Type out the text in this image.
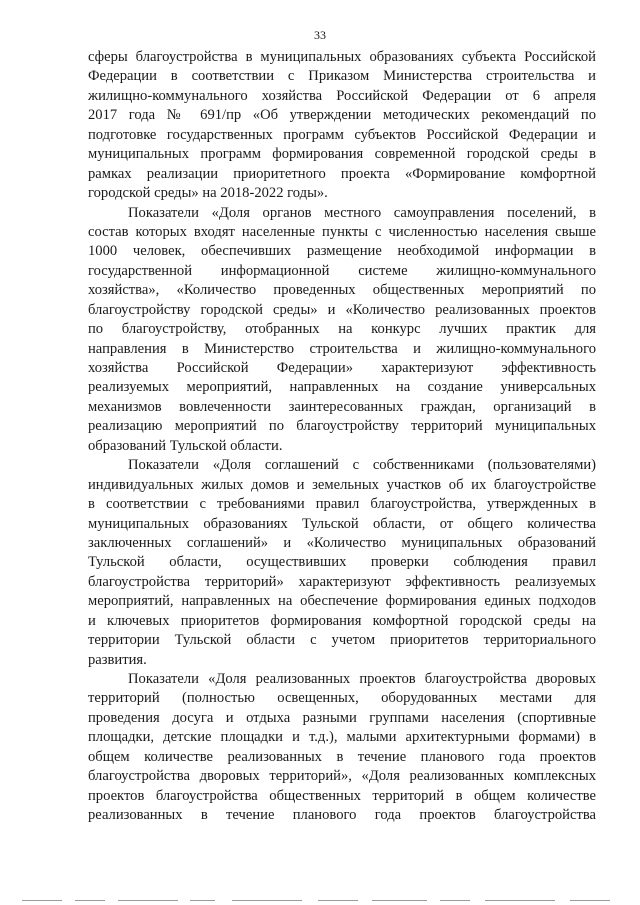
33
сферы благоустройства в муниципальных образованиях субъекта Российской
Федерации в соответствии с Приказом Министерства строительства и
жилищно-коммунального хозяйства Российской Федерации от 6 апреля
2017 года № 691/пр «Об утверждении методических рекомендаций по
подготовке государственных программ субъектов Российской Федерации и
муниципальных программ формирования современной городской среды в
рамках реализации приоритетного проекта «Формирование комфортной
городской среды» на 2018-2022 годы».
Показатели «Доля органов местного самоуправления поселений, в
состав которых входят населенные пункты с численностью населения свыше
1000 человек, обеспечивших размещение необходимой информации в
государственной информационной системе жилищно-коммунального
хозяйства», «Количество проведенных общественных мероприятий по
благоустройству городской среды» и «Количество реализованных проектов
по благоустройству, отобранных на конкурс лучших практик для
направления в Министерство строительства и жилищно-коммунального
хозяйства Российской Федерации» характеризуют эффективность
реализуемых мероприятий, направленных на создание универсальных
механизмов вовлеченности заинтересованных граждан, организаций в
реализацию мероприятий по благоустройству территорий муниципальных
образований Тульской области.
Показатели «Доля соглашений с собственниками (пользователями)
индивидуальных жилых домов и земельных участков об их благоустройстве
в соответствии с требованиями правил благоустройства, утвержденных в
муниципальных образованиях Тульской области, от общего количества
заключенных соглашений» и «Количество муниципальных образований
Тульской области, осуществивших проверки соблюдения правил
благоустройства территорий» характеризуют эффективность реализуемых
мероприятий, направленных на обеспечение формирования единых подходов
и ключевых приоритетов формирования комфортной городской среды на
территории Тульской области с учетом приоритетов территориального
развития.
Показатели «Доля реализованных проектов благоустройства дворовых
территорий (полностью освещенных, оборудованных местами для
проведения досуга и отдыха разными группами населения (спортивные
площадки, детские площадки и т.д.), малыми архитектурными формами) в
общем количестве реализованных в течение планового года проектов
благоустройства дворовых территорий», «Доля реализованных комплексных
проектов благоустройства общественных территорий в общем количестве
реализованных в течение планового года проектов благоустройства
